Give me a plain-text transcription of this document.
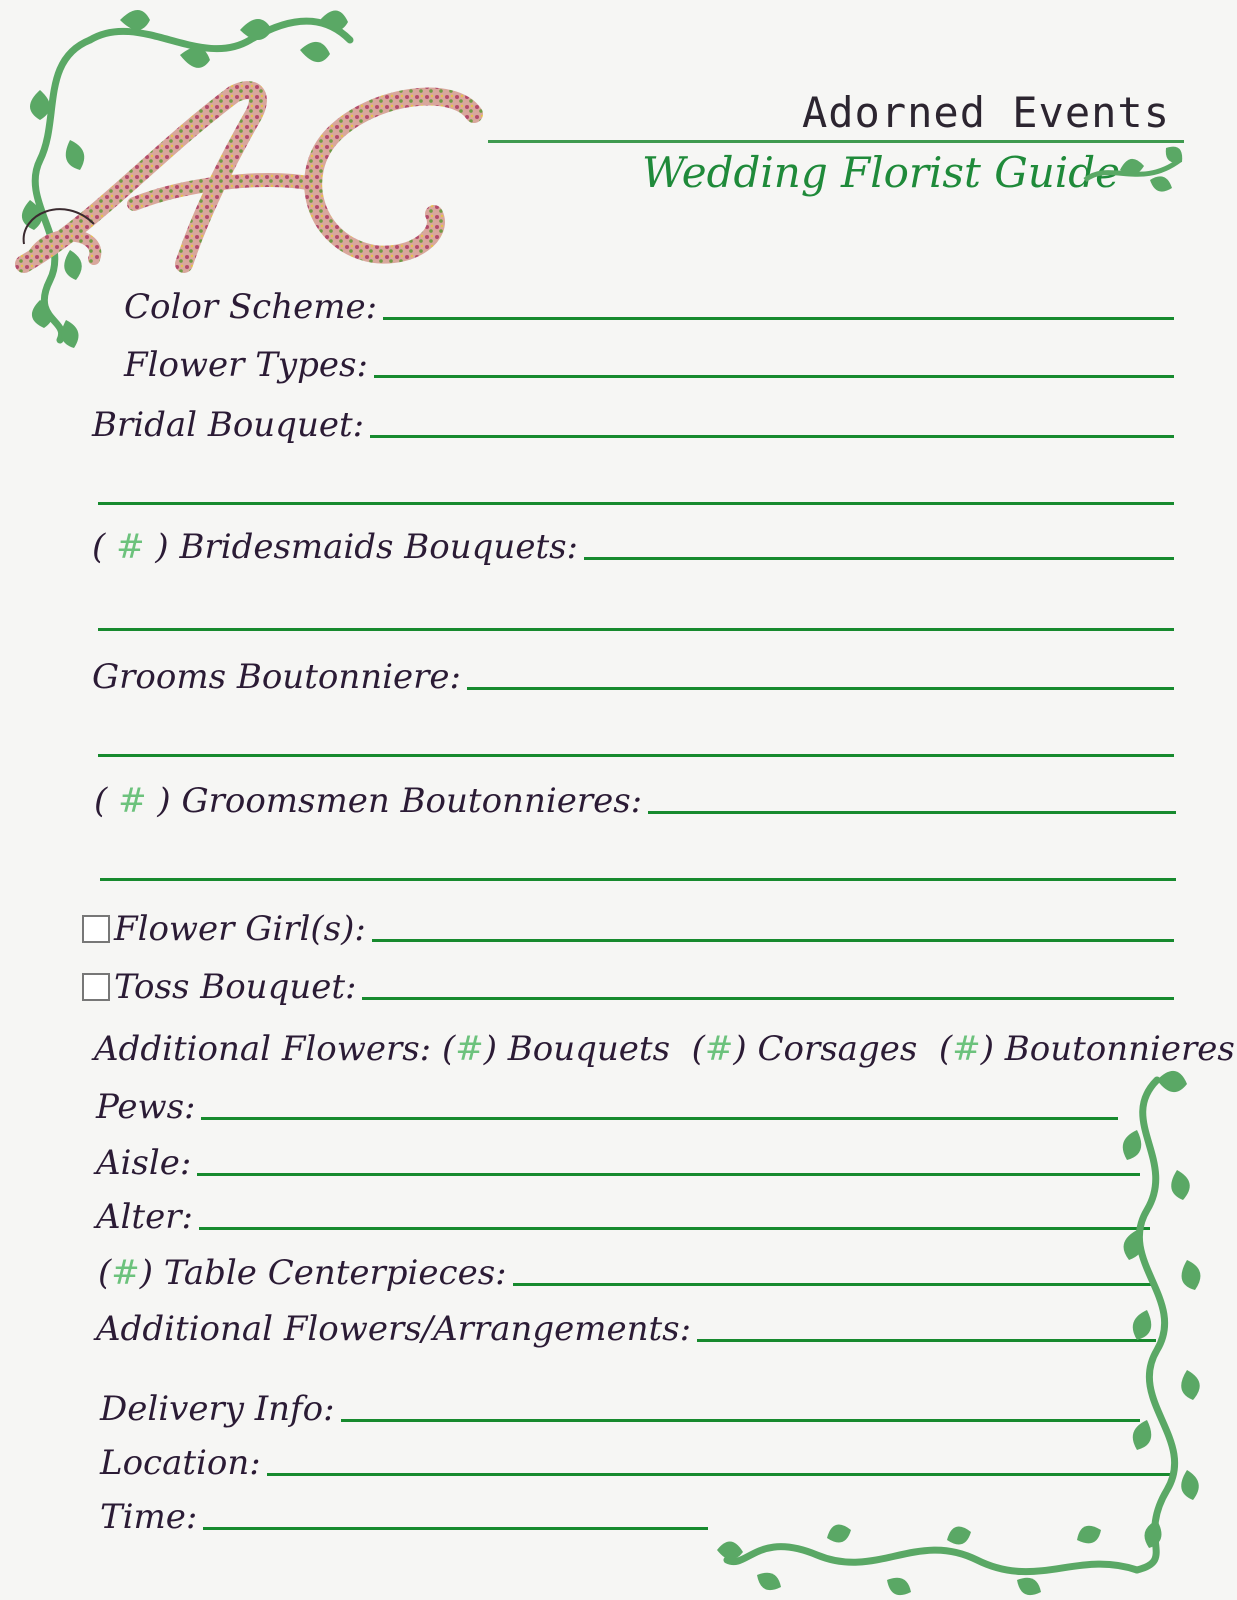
Adorned Events
Wedding Florist Guide
Color Scheme:
Flower Types:
Bridal Bouquet:
( # ) Bridesmaids Bouquets:
Grooms Boutonniere:
( # ) Groomsmen Boutonnieres:
Flower Girl(s):
Toss Bouquet:
Additional Flowers: (#) Bouquets (#) Corsages (#) Boutonnieres
Pews:
Aisle:
Alter:
(#) Table Centerpieces:
Additional Flowers/Arrangements:
Delivery Info:
Location:
Time:
